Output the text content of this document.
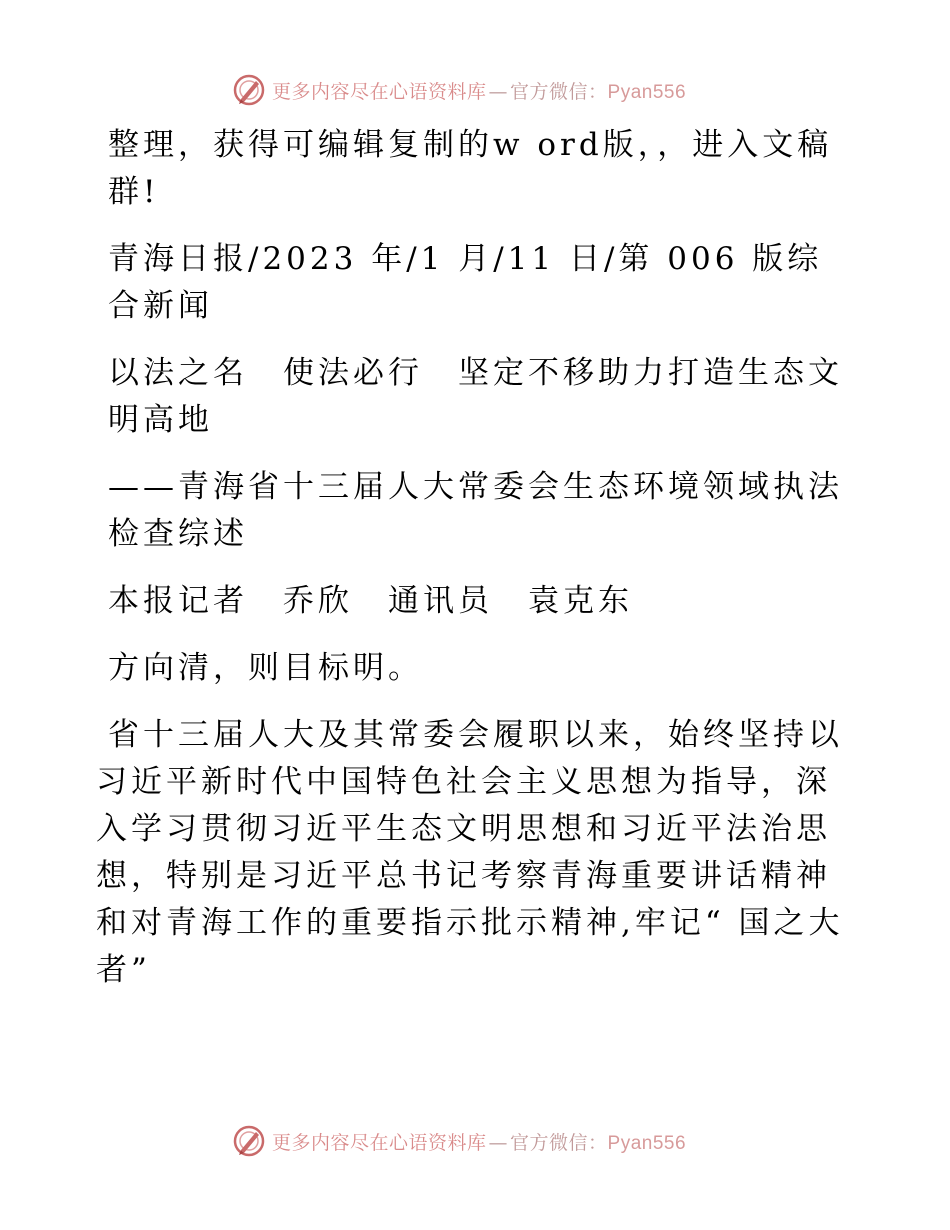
更多内容尽在心语资料库 — 官方微信：Pyan556

整理，获得可编辑复制的w ord版，，进入文稿群!

青海日报/2023 年/1 月/11 日/第 006 版综合新闻

以法之名　使法必行　坚定不移助力打造生态文明高地

——青海省十三届人大常委会生态环境领域执法检查综述

本报记者　乔欣　通讯员　袁克东

方向清，则目标明。

省十三届人大及其常委会履职以来，始终坚持以习近平新时代中国特色社会主义思想为指导，深入学习贯彻习近平生态文明思想和习近平法治思想，特别是习近平总书记考察青海重要讲话精神和对青海工作的重要指示批示精神,牢记“ 国之大者”

更多内容尽在心语资料库 — 官方微信：Pyan556
